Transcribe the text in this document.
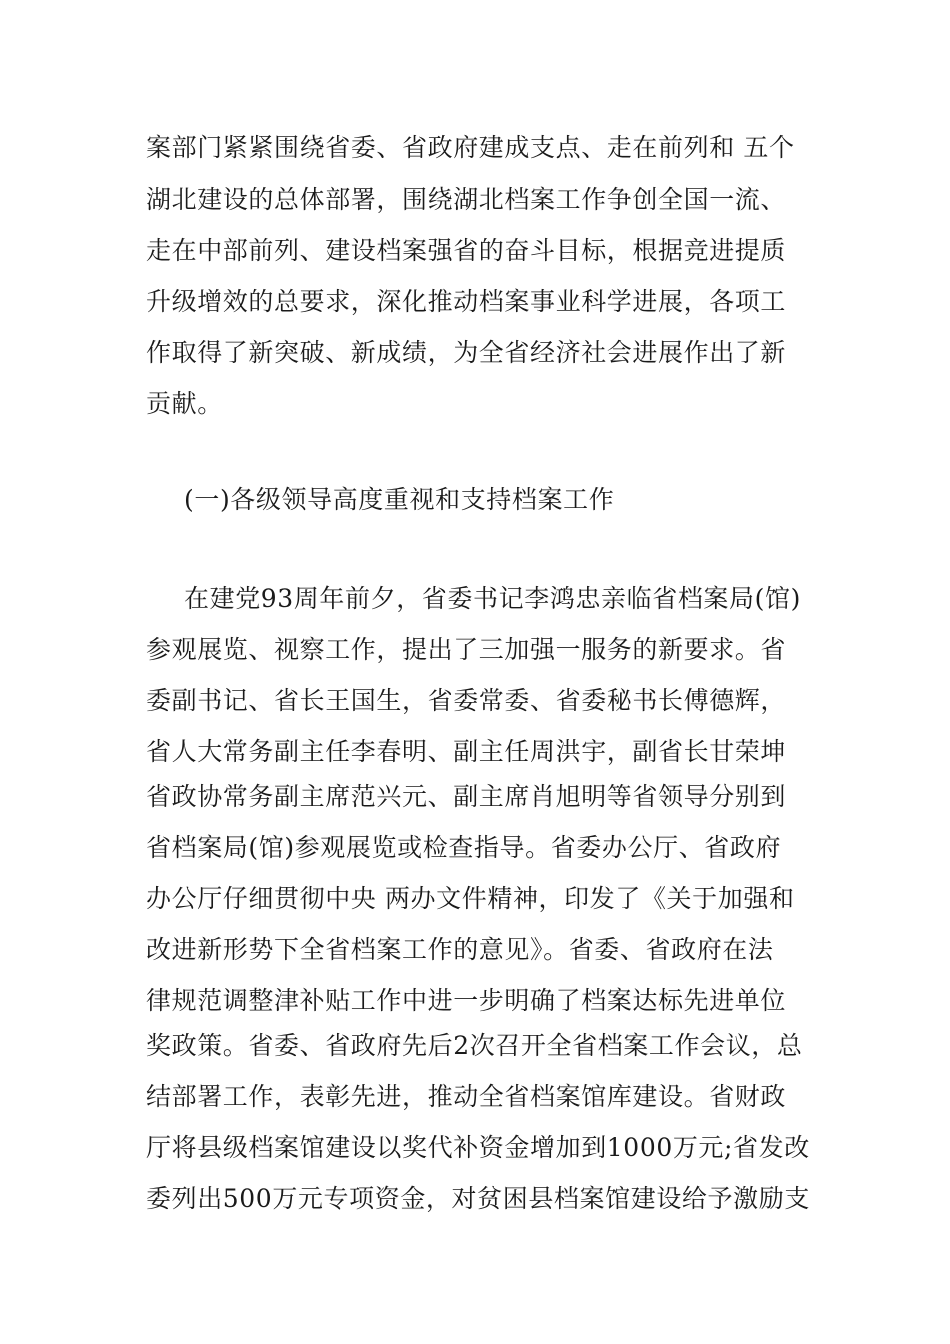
案部门紧紧围绕省委、省政府建成支点、走在前列和 五个
湖北建设的总体部署，围绕湖北档案工作争创全国一流、
走在中部前列、建设档案强省的奋斗目标，根据竞进提质
升级增效的总要求，深化推动档案事业科学进展，各项工
作取得了新突破、新成绩，为全省经济社会进展作出了新
贡献。
(一)各级领导高度重视和支持档案工作
在建党93周年前夕，省委书记李鸿忠亲临省档案局(馆)
参观展览、视察工作，提出了三加强一服务的新要求。省
委副书记、省长王国生，省委常委、省委秘书长傅德辉，
省人大常务副主任李春明、副主任周洪宇，副省长甘荣坤
省政协常务副主席范兴元、副主席肖旭明等省领导分别到
省档案局(馆)参观展览或检查指导。省委办公厅、省政府
办公厅仔细贯彻中央 两办文件精神，印发了《关于加强和
改进新形势下全省档案工作的意见》。省委、省政府在法
律规范调整津补贴工作中进一步明确了档案达标先进单位
奖政策。省委、省政府先后2次召开全省档案工作会议，总
结部署工作，表彰先进，推动全省档案馆库建设。省财政
厅将县级档案馆建设以奖代补资金增加到1000万元;省发改
委列出500万元专项资金，对贫困县档案馆建设给予激励支
